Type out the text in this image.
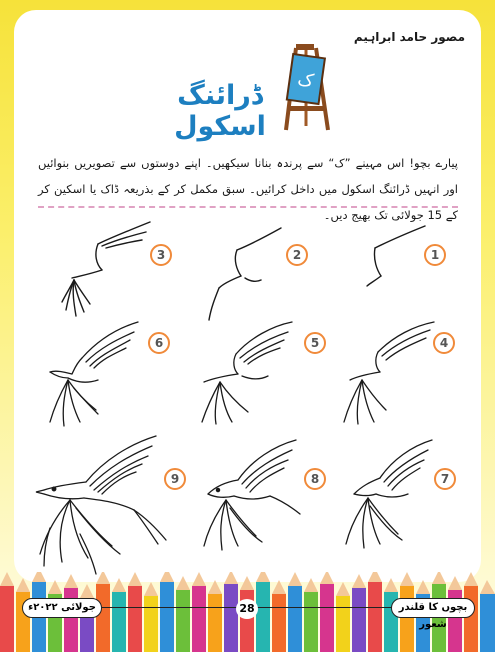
مصور حامد ابراہیم
ڈرائنگ اسکول
ک
پیارے بچو! اس مہینے ”ک“ سے پرندہ بنانا سیکھیں۔ اپنے دوستوں سے تصویریں بنوائیں اور انہیں ڈرائنگ اسکول میں داخل کرائیں۔ سبق مکمل کر کے بذریعہ ڈاک یا اسکین کر کے 15 جولائی تک بھیج دیں۔
1
2
3
4
5
6
7
8
9
بچوں کا قلندر شعور
جولائی ۲۰۲۲ء	28
